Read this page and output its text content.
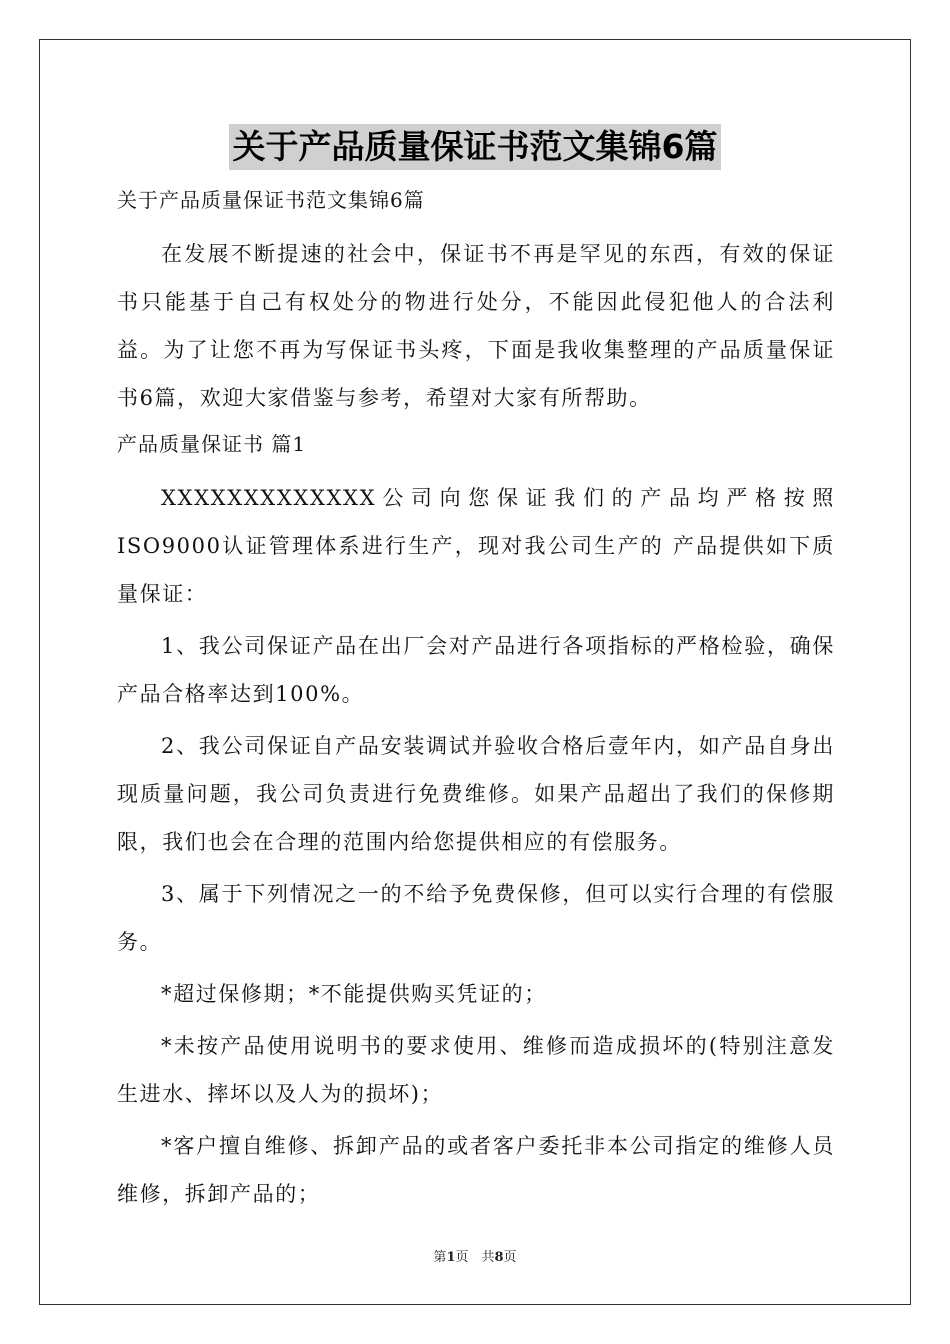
关于产品质量保证书范文集锦6篇

关于产品质量保证书范文集锦6篇

在发展不断提速的社会中，保证书不再是罕见的东西，有效的保证书只能基于自己有权处分的物进行处分，不能因此侵犯他人的合法利益。为了让您不再为写保证书头疼，下面是我收集整理的产品质量保证书6篇，欢迎大家借鉴与参考，希望对大家有所帮助。

产品质量保证书 篇1

XXXXXXXXXXXXX公司向您保证我们的产品均严格按照ISO9000认证管理体系进行生产，现对我公司生产的 产品提供如下质量保证：

1、我公司保证产品在出厂会对产品进行各项指标的严格检验，确保产品合格率达到100%。

2、我公司保证自产品安装调试并验收合格后壹年内，如产品自身出现质量问题，我公司负责进行免费维修。如果产品超出了我们的保修期限，我们也会在合理的范围内给您提供相应的有偿服务。

3、属于下列情况之一的不给予免费保修，但可以实行合理的有偿服务。

*超过保修期；*不能提供购买凭证的；

*未按产品使用说明书的要求使用、维修而造成损坏的(特别注意发生进水、摔坏以及人为的损坏)；

*客户擅自维修、拆卸产品的或者客户委托非本公司指定的维修人员维修，拆卸产品的；

第1页　共8页
